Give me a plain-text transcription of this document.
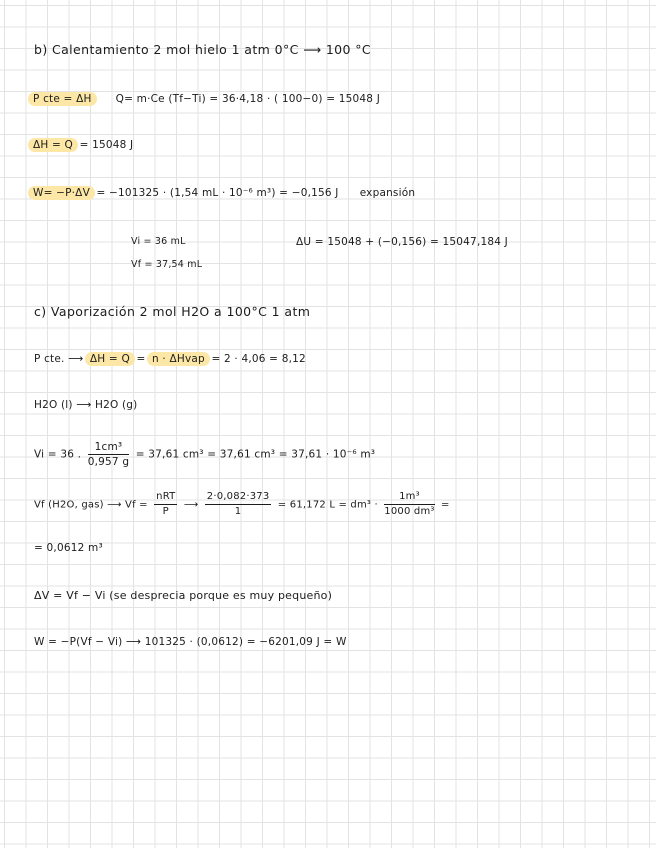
b) Calentamiento 2 mol hielo 1 atm 0°C ⟶ 100 °C
P cte = ΔH Q= m·Ce (Tf−Ti) = 36·4,18 · ( 100−0) = 15048 J
ΔH = Q = 15048 J
W= −P·ΔV = −101325 · (1,54 mL · 10⁻⁶ m³) = −0,156 J expansión
Vi = 36 mL
Vf = 37,54 mL
ΔU = 15048 + (−0,156) = 15047,184 J
c) Vaporización 2 mol H2O a 100°C 1 atm
P cte. ⟶ ΔH = Q = n · ΔHvap = 2 · 4,06 = 8,12
H2O (l) ⟶ H2O (g)
Vi = 36 . $\frac{\text{1cm³}}{0,957 g} = 37,61$ cm³ = 37,61 cm³ = 37,61 · 10⁻⁶ m³
Vf (H2O, gas) ⟶ $Vf = \frac{\text{nRT}}{P}$ ⟶ $\frac{2\cdot 0,082\cdot 373}{1} = 61,172$ $L = dm^3 \cdot \frac{\text{1m³}}{\text{1000 dm³}}$ =
= 0,0612 m³
ΔV = Vf − Vi (se desprecia porque es muy pequeño)
W = −P(Vf − Vi) ⟶ 101325 · (0,0612) = −6201,09 J = W
